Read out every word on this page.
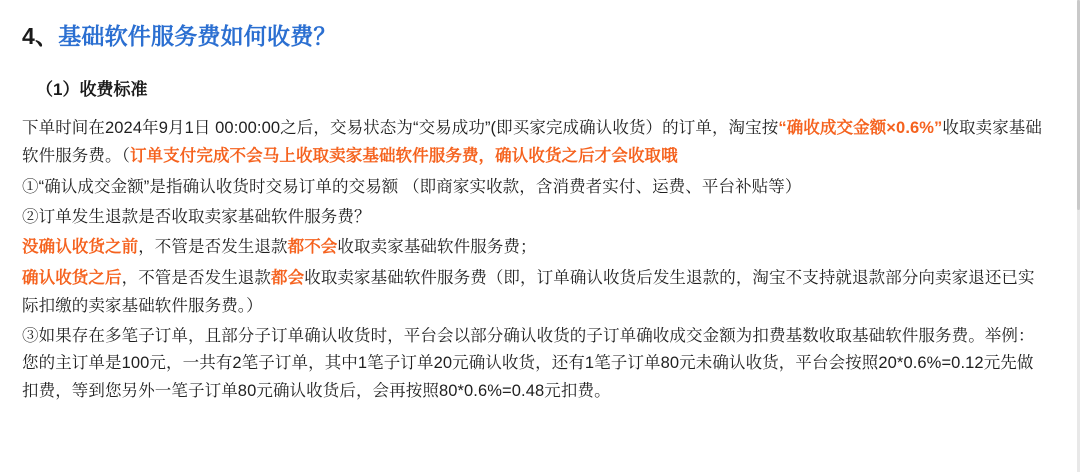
4、基础软件服务费如何收费？
（1）收费标准

下单时间在2024年9月1日 00:00:00之后，交易状态为“交易成功”(即买家完成确认收货）的订单，淘宝按“确收成交金额×0.6%”收取卖家基础软件服务费。（订单支付完成不会马上收取卖家基础软件服务费，确认收货之后才会收取哦

①“确认成交金额”是指确认收货时交易订单的交易额 （即商家实收款，含消费者实付、运费、平台补贴等）

②订单发生退款是否收取卖家基础软件服务费？

没确认收货之前，不管是否发生退款都不会收取卖家基础软件服务费；

确认收货之后，不管是否发生退款都会收取卖家基础软件服务费（即，订单确认收货后发生退款的，淘宝不支持就退款部分向卖家退还已实际扣缴的卖家基础软件服务费。）

③如果存在多笔子订单，且部分子订单确认收货时，平台会以部分确认收货的子订单确收成交金额为扣费基数收取基础软件服务费。举例：您的主订单是100元，一共有2笔子订单，其中1笔子订单20元确认收货，还有1笔子订单80元未确认收货，平台会按照20*0.6%=0.12元先做扣费，等到您另外一笔子订单80元确认收货后，会再按照80*0.6%=0.48元扣费。
